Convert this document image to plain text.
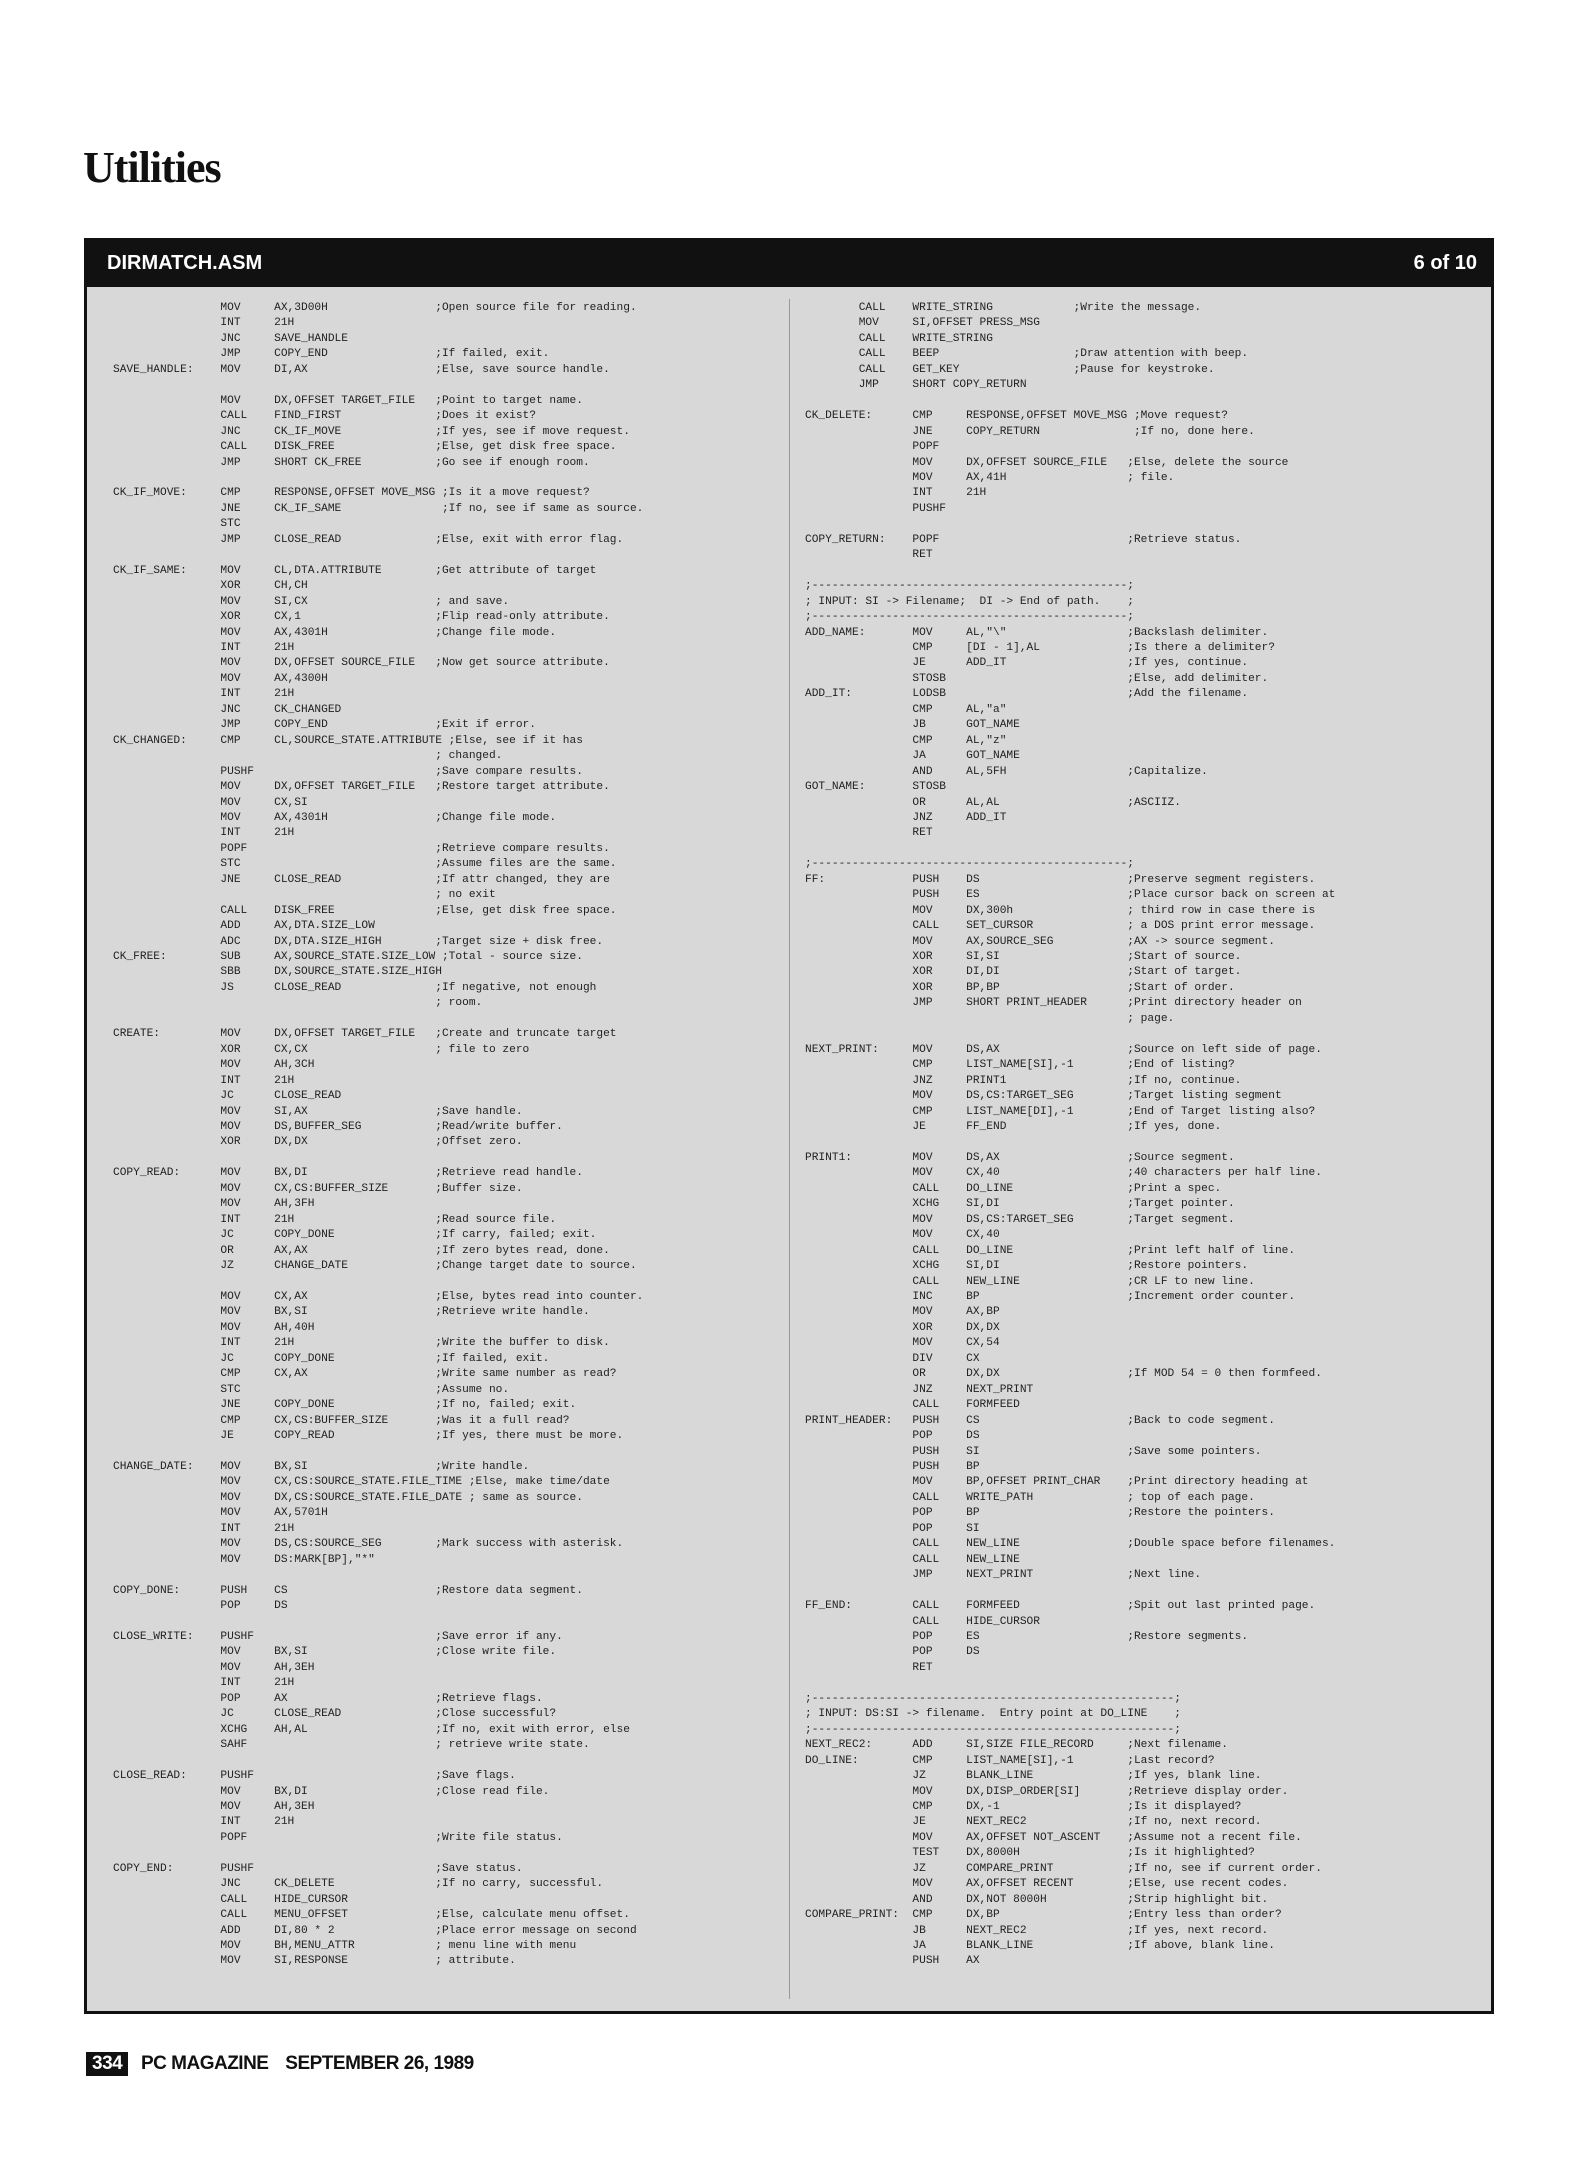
Utilities
DIRMATCH.ASM	6 of 10
MOV     AX,3D00H                ;Open source file for reading.
INT     21H
JNC     SAVE_HANDLE
JMP     COPY_END                ;If failed, exit.
SAVE_HANDLE:    MOV     DI,AX                   ;Else, save source handle.

MOV     DX,OFFSET TARGET_FILE   ;Point to target name.
CALL    FIND_FIRST              ;Does it exist?
JNC     CK_IF_MOVE              ;If yes, see if move request.
CALL    DISK_FREE               ;Else, get disk free space.
JMP     SHORT CK_FREE           ;Go see if enough room.

CK_IF_MOVE:     CMP     RESPONSE,OFFSET MOVE_MSG ;Is it a move request?
JNE     CK_IF_SAME               ;If no, see if same as source.
STC
JMP     CLOSE_READ              ;Else, exit with error flag.

CK_IF_SAME:     MOV     CL,DTA.ATTRIBUTE        ;Get attribute of target
XOR     CH,CH
MOV     SI,CX                   ; and save.
XOR     CX,1                    ;Flip read-only attribute.
MOV     AX,4301H                ;Change file mode.
INT     21H
MOV     DX,OFFSET SOURCE_FILE   ;Now get source attribute.
MOV     AX,4300H
INT     21H
JNC     CK_CHANGED
JMP     COPY_END                ;Exit if error.
CK_CHANGED:     CMP     CL,SOURCE_STATE.ATTRIBUTE ;Else, see if it has
; changed.
PUSHF                           ;Save compare results.
MOV     DX,OFFSET TARGET_FILE   ;Restore target attribute.
MOV     CX,SI
MOV     AX,4301H                ;Change file mode.
INT     21H
POPF                            ;Retrieve compare results.
STC                             ;Assume files are the same.
JNE     CLOSE_READ              ;If attr changed, they are
; no exit
CALL    DISK_FREE               ;Else, get disk free space.
ADD     AX,DTA.SIZE_LOW
ADC     DX,DTA.SIZE_HIGH        ;Target size + disk free.
CK_FREE:        SUB     AX,SOURCE_STATE.SIZE_LOW ;Total - source size.
SBB     DX,SOURCE_STATE.SIZE_HIGH
JS      CLOSE_READ              ;If negative, not enough
; room.

CREATE:         MOV     DX,OFFSET TARGET_FILE   ;Create and truncate target
XOR     CX,CX                   ; file to zero
MOV     AH,3CH
INT     21H
JC      CLOSE_READ
MOV     SI,AX                   ;Save handle.
MOV     DS,BUFFER_SEG           ;Read/write buffer.
XOR     DX,DX                   ;Offset zero.

COPY_READ:      MOV     BX,DI                   ;Retrieve read handle.
MOV     CX,CS:BUFFER_SIZE       ;Buffer size.
MOV     AH,3FH
INT     21H                     ;Read source file.
JC      COPY_DONE               ;If carry, failed; exit.
OR      AX,AX                   ;If zero bytes read, done.
JZ      CHANGE_DATE             ;Change target date to source.

MOV     CX,AX                   ;Else, bytes read into counter.
MOV     BX,SI                   ;Retrieve write handle.
MOV     AH,40H
INT     21H                     ;Write the buffer to disk.
JC      COPY_DONE               ;If failed, exit.
CMP     CX,AX                   ;Write same number as read?
STC                             ;Assume no.
JNE     COPY_DONE               ;If no, failed; exit.
CMP     CX,CS:BUFFER_SIZE       ;Was it a full read?
JE      COPY_READ               ;If yes, there must be more.

CHANGE_DATE:    MOV     BX,SI                   ;Write handle.
MOV     CX,CS:SOURCE_STATE.FILE_TIME ;Else, make time/date
MOV     DX,CS:SOURCE_STATE.FILE_DATE ; same as source.
MOV     AX,5701H
INT     21H
MOV     DS,CS:SOURCE_SEG        ;Mark success with asterisk.
MOV     DS:MARK[BP],"*"

COPY_DONE:      PUSH    CS                      ;Restore data segment.
POP     DS

CLOSE_WRITE:    PUSHF                           ;Save error if any.
MOV     BX,SI                   ;Close write file.
MOV     AH,3EH
INT     21H
POP     AX                      ;Retrieve flags.
JC      CLOSE_READ              ;Close successful?
XCHG    AH,AL                   ;If no, exit with error, else
SAHF                            ; retrieve write state.

CLOSE_READ:     PUSHF                           ;Save flags.
MOV     BX,DI                   ;Close read file.
MOV     AH,3EH
INT     21H
POPF                            ;Write file status.

COPY_END:       PUSHF                           ;Save status.
JNC     CK_DELETE               ;If no carry, successful.
CALL    HIDE_CURSOR
CALL    MENU_OFFSET             ;Else, calculate menu offset.
ADD     DI,80 * 2               ;Place error message on second
MOV     BH,MENU_ATTR            ; menu line with menu
MOV     SI,RESPONSE             ; attribute.
CALL    WRITE_STRING            ;Write the message.
MOV     SI,OFFSET PRESS_MSG
CALL    WRITE_STRING
CALL    BEEP                    ;Draw attention with beep.
CALL    GET_KEY                 ;Pause for keystroke.
JMP     SHORT COPY_RETURN

CK_DELETE:      CMP     RESPONSE,OFFSET MOVE_MSG ;Move request?
JNE     COPY_RETURN              ;If no, done here.
POPF
MOV     DX,OFFSET SOURCE_FILE   ;Else, delete the source
MOV     AX,41H                  ; file.
INT     21H
PUSHF

COPY_RETURN:    POPF                            ;Retrieve status.
RET

;-----------------------------------------------;
; INPUT: SI -> Filename;  DI -> End of path.    ;
;-----------------------------------------------;
ADD_NAME:       MOV     AL,"\"                  ;Backslash delimiter.
CMP     [DI - 1],AL             ;Is there a delimiter?
JE      ADD_IT                  ;If yes, continue.
STOSB                           ;Else, add delimiter.
ADD_IT:         LODSB                           ;Add the filename.
CMP     AL,"a"
JB      GOT_NAME
CMP     AL,"z"
JA      GOT_NAME
AND     AL,5FH                  ;Capitalize.
GOT_NAME:       STOSB
OR      AL,AL                   ;ASCIIZ.
JNZ     ADD_IT
RET

;-----------------------------------------------;
FF:             PUSH    DS                      ;Preserve segment registers.
PUSH    ES                      ;Place cursor back on screen at
MOV     DX,300h                 ; third row in case there is
CALL    SET_CURSOR              ; a DOS print error message.
MOV     AX,SOURCE_SEG           ;AX -> source segment.
XOR     SI,SI                   ;Start of source.
XOR     DI,DI                   ;Start of target.
XOR     BP,BP                   ;Start of order.
JMP     SHORT PRINT_HEADER      ;Print directory header on
; page.

NEXT_PRINT:     MOV     DS,AX                   ;Source on left side of page.
CMP     LIST_NAME[SI],-1        ;End of listing?
JNZ     PRINT1                  ;If no, continue.
MOV     DS,CS:TARGET_SEG        ;Target listing segment
CMP     LIST_NAME[DI],-1        ;End of Target listing also?
JE      FF_END                  ;If yes, done.

PRINT1:         MOV     DS,AX                   ;Source segment.
MOV     CX,40                   ;40 characters per half line.
CALL    DO_LINE                 ;Print a spec.
XCHG    SI,DI                   ;Target pointer.
MOV     DS,CS:TARGET_SEG        ;Target segment.
MOV     CX,40
CALL    DO_LINE                 ;Print left half of line.
XCHG    SI,DI                   ;Restore pointers.
CALL    NEW_LINE                ;CR LF to new line.
INC     BP                      ;Increment order counter.
MOV     AX,BP
XOR     DX,DX
MOV     CX,54
DIV     CX
OR      DX,DX                   ;If MOD 54 = 0 then formfeed.
JNZ     NEXT_PRINT
CALL    FORMFEED
PRINT_HEADER:   PUSH    CS                      ;Back to code segment.
POP     DS
PUSH    SI                      ;Save some pointers.
PUSH    BP
MOV     BP,OFFSET PRINT_CHAR    ;Print directory heading at
CALL    WRITE_PATH              ; top of each page.
POP     BP                      ;Restore the pointers.
POP     SI
CALL    NEW_LINE                ;Double space before filenames.
CALL    NEW_LINE
JMP     NEXT_PRINT              ;Next line.

FF_END:         CALL    FORMFEED                ;Spit out last printed page.
CALL    HIDE_CURSOR
POP     ES                      ;Restore segments.
POP     DS
RET

;------------------------------------------------------;
; INPUT: DS:SI -> filename.  Entry point at DO_LINE    ;
;------------------------------------------------------;
NEXT_REC2:      ADD     SI,SIZE FILE_RECORD     ;Next filename.
DO_LINE:        CMP     LIST_NAME[SI],-1        ;Last record?
JZ      BLANK_LINE              ;If yes, blank line.
MOV     DX,DISP_ORDER[SI]       ;Retrieve display order.
CMP     DX,-1                   ;Is it displayed?
JE      NEXT_REC2               ;If no, next record.
MOV     AX,OFFSET NOT_ASCENT    ;Assume not a recent file.
TEST    DX,8000H                ;Is it highlighted?
JZ      COMPARE_PRINT           ;If no, see if current order.
MOV     AX,OFFSET RECENT        ;Else, use recent codes.
AND     DX,NOT 8000H            ;Strip highlight bit.
COMPARE_PRINT:  CMP     DX,BP                   ;Entry less than order?
JB      NEXT_REC2               ;If yes, next record.
JA      BLANK_LINE              ;If above, blank line.
PUSH    AX
334 PC MAGAZINE SEPTEMBER 26, 1989
